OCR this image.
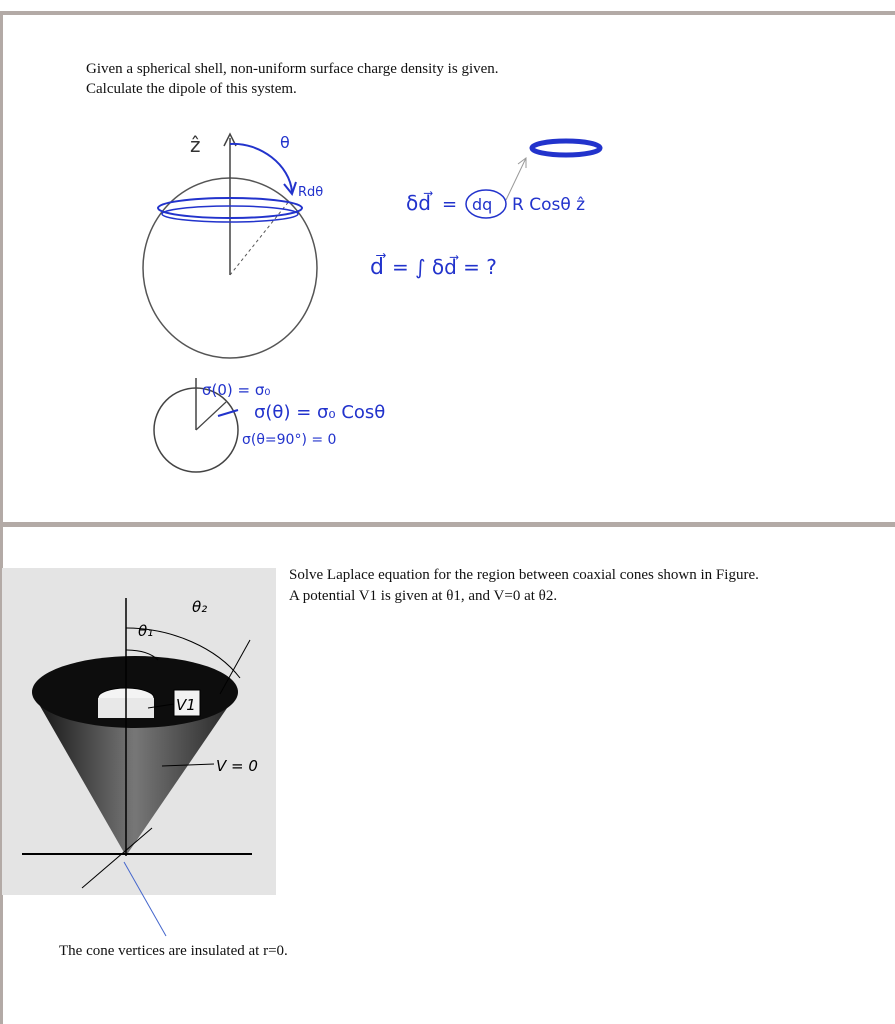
Given a spherical shell, non-uniform surface charge density is given.
Calculate the dipole of this system.
ẑ	θ
Rdθ	δd⃗ = dq R Cosθ ẑ
d⃗ = ∫ δd⃗ = ?
σ(0) = σ₀
σ(θ) = σ₀ Cosθ
σ(θ=90°) = 0
θ₂
θ₁
V1
V = 0
Solve Laplace equation for the region between coaxial cones shown in Figure.
A potential V1 is given at θ1, and V=0 at θ2.
The cone vertices are insulated at r=0.
